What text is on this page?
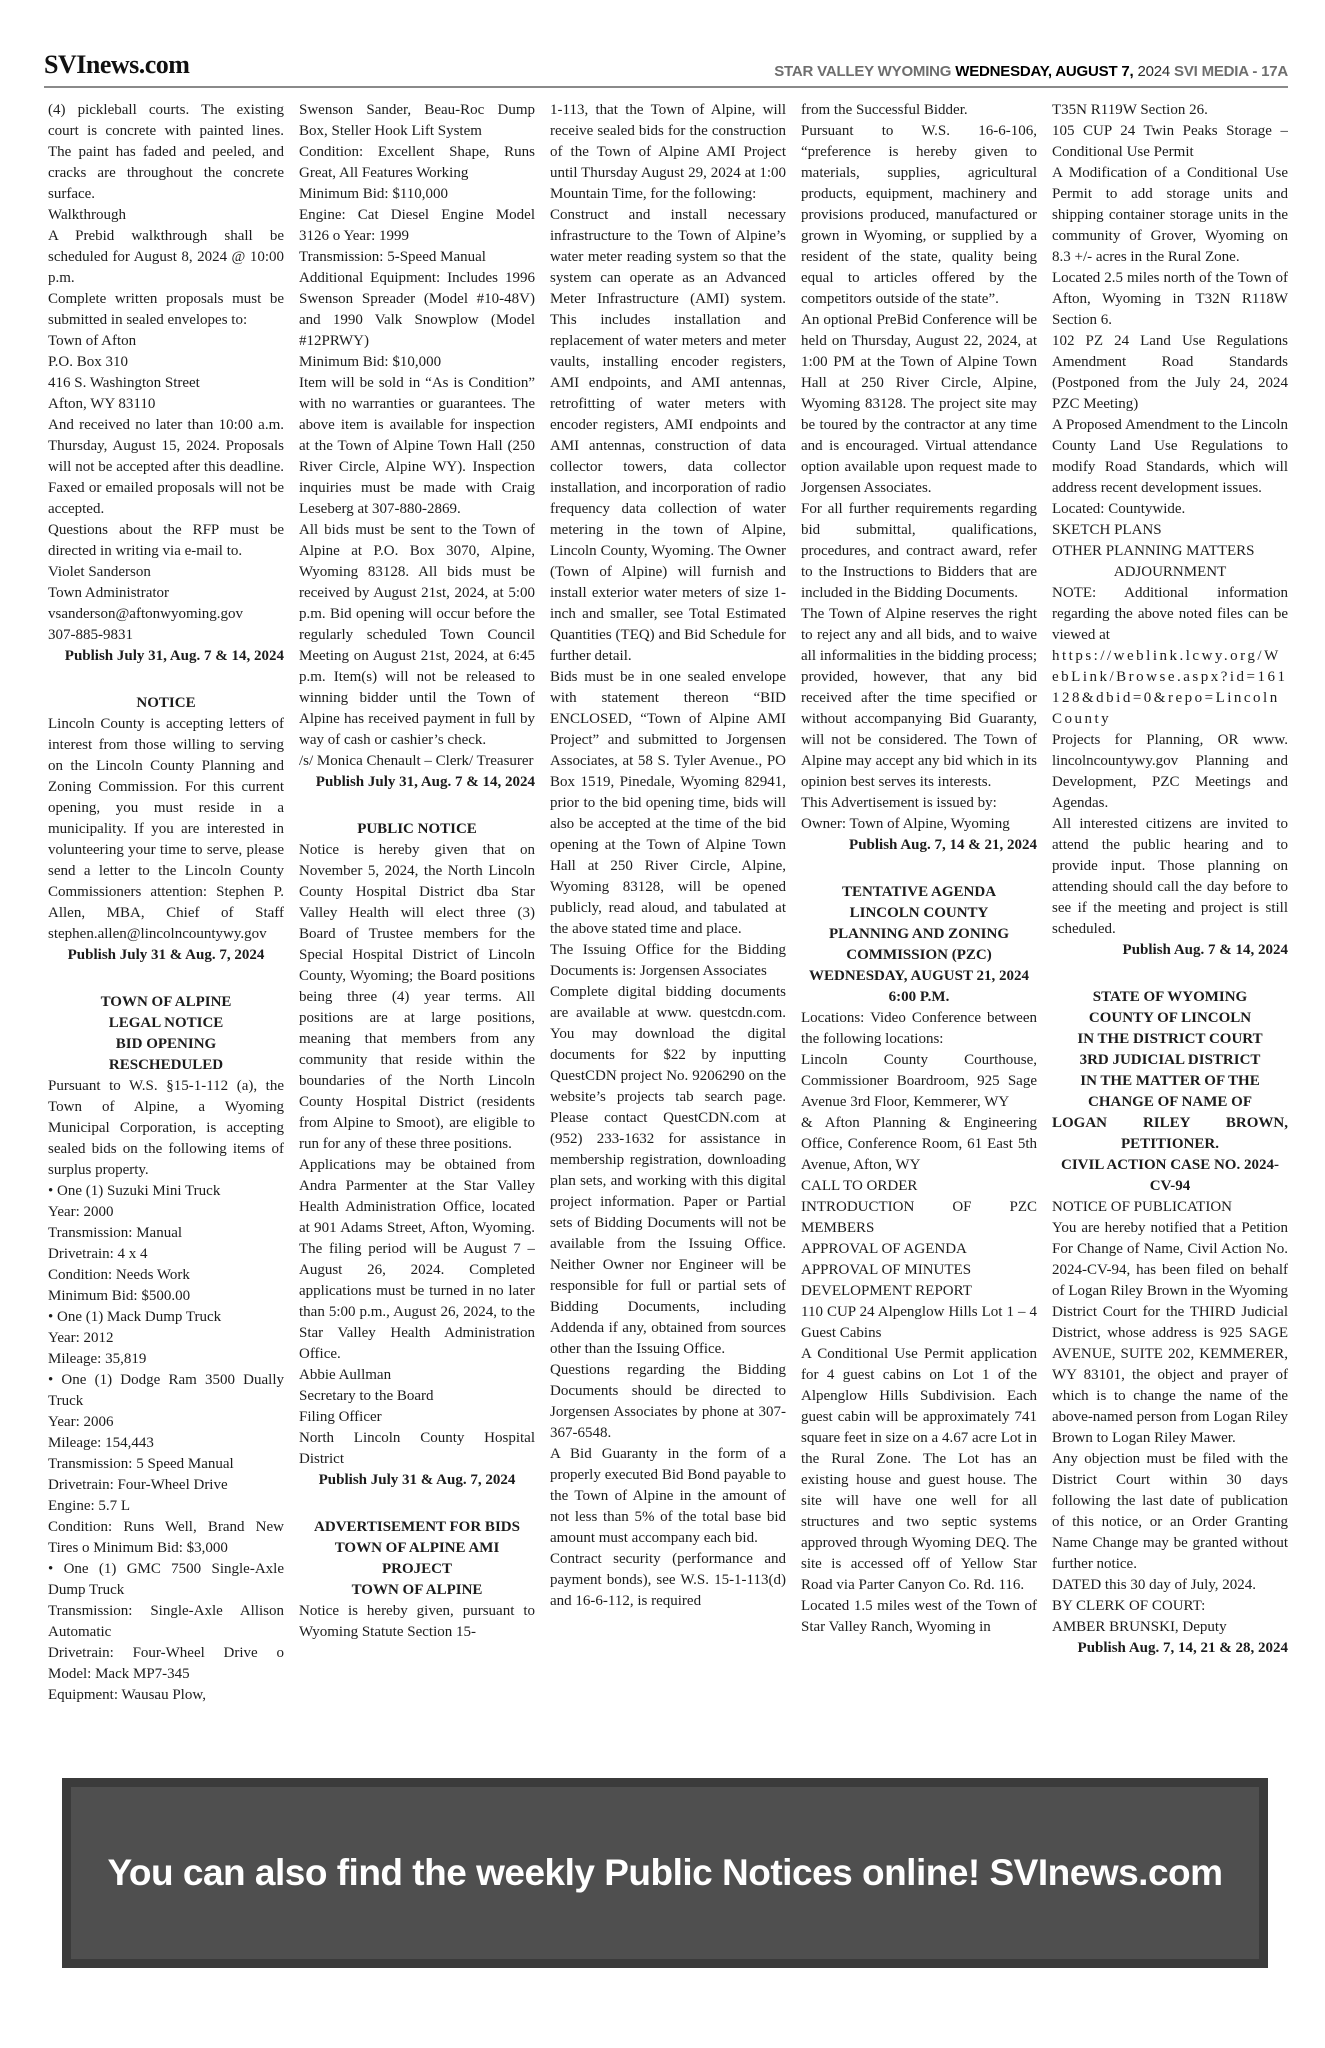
SVInews.com	STAR VALLEY WYOMING WEDNESDAY, AUGUST 7, 2024 SVI MEDIA - 17A

(4) pickleball courts. The existing court is concrete with painted lines. The paint has faded and peeled, and cracks are throughout the concrete surface.

Walkthrough

A Prebid walkthrough shall be scheduled for August 8, 2024 @ 10:00 p.m.

Complete written proposals must be submitted in sealed envelopes to:

Town of Afton

P.O. Box 310

416 S. Washington Street

Afton, WY 83110

And received no later than 10:00 a.m. Thursday, August 15, 2024. Proposals will not be accepted after this deadline. Faxed or emailed proposals will not be accepted.

Questions about the RFP must be directed in writing via e-mail to.

Violet Sanderson

Town Administrator

vsanderson@aftonwyoming.gov

307-885-9831

Publish July 31, Aug. 7 & 14, 2024

NOTICE

Lincoln County is accepting letters of interest from those willing to serving on the Lincoln County Planning and Zoning Commission. For this current opening, you must reside in a municipality. If you are interested in volunteering your time to serve, please send a letter to the Lincoln County Commissioners attention: Stephen P. Allen, MBA, Chief of Staff stephen.allen@lincolncountywy.gov

Publish July 31 & Aug. 7, 2024

TOWN OF ALPINE

LEGAL NOTICE

BID OPENING

RESCHEDULED

Pursuant to W.S. §15-1-112 (a), the Town of Alpine, a Wyoming Municipal Corporation, is accepting sealed bids on the following items of surplus property.

• One (1) Suzuki Mini Truck

Year: 2000

Transmission: Manual

Drivetrain: 4 x 4

Condition: Needs Work

Minimum Bid: $500.00

• One (1) Mack Dump Truck

Year: 2012

Mileage: 35,819

• One (1) Dodge Ram 3500 Dually Truck

Year: 2006

Mileage: 154,443

Transmission: 5 Speed Manual

Drivetrain: Four-Wheel Drive

Engine: 5.7 L

Condition: Runs Well, Brand New Tires o Minimum Bid: $3,000

• One (1) GMC 7500 Single-Axle Dump Truck

Transmission: Single-Axle Allison Automatic

Drivetrain: Four-Wheel Drive o Model: Mack MP7-345

Equipment: Wausau Plow,

Swenson Sander, Beau-Roc Dump Box, Steller Hook Lift System

Condition: Excellent Shape, Runs Great, All Features Working

Minimum Bid: $110,000

Engine: Cat Diesel Engine Model 3126 o Year: 1999

Transmission: 5-Speed Manual

Additional Equipment: Includes 1996 Swenson Spreader (Model #10-48V) and 1990 Valk Snowplow (Model #12PRWY)

Minimum Bid: $10,000

Item will be sold in “As is Condition” with no warranties or guarantees. The above item is available for inspection at the Town of Alpine Town Hall (250 River Circle, Alpine WY). Inspection inquiries must be made with Craig Leseberg at 307-880-2869.

All bids must be sent to the Town of Alpine at P.O. Box 3070, Alpine, Wyoming 83128. All bids must be received by August 21st, 2024, at 5:00 p.m. Bid opening will occur before the regularly scheduled Town Council Meeting on August 21st, 2024, at 6:45 p.m. Item(s) will not be released to winning bidder until the Town of Alpine has received payment in full by way of cash or cashier’s check.

/s/ Monica Chenault – Clerk/ Treasurer

Publish July 31, Aug. 7 & 14, 2024

PUBLIC NOTICE

Notice is hereby given that on November 5, 2024, the North Lincoln County Hospital District dba Star Valley Health will elect three (3) Board of Trustee members for the Special Hospital District of Lincoln County, Wyoming; the Board positions being three (4) year terms. All positions are at large positions, meaning that members from any community that reside within the boundaries of the North Lincoln County Hospital District (residents from Alpine to Smoot), are eligible to run for any of these three positions.

Applications may be obtained from Andra Parmenter at the Star Valley Health Administration Office, located at 901 Adams Street, Afton, Wyoming. The filing period will be August 7 – August 26, 2024. Completed applications must be turned in no later than 5:00 p.m., August 26, 2024, to the Star Valley Health Administration Office.

Abbie Aullman

Secretary to the Board

Filing Officer

North Lincoln County Hospital District

Publish July 31 & Aug. 7, 2024

ADVERTISEMENT FOR BIDS

TOWN OF ALPINE AMI PROJECT

TOWN OF ALPINE

Notice is hereby given, pursuant to Wyoming Statute Section 15-

1-113, that the Town of Alpine, will receive sealed bids for the construction of the Town of Alpine AMI Project until Thursday August 29, 2024 at 1:00 Mountain Time, for the following:

Construct and install necessary infrastructure to the Town of Alpine’s water meter reading system so that the system can operate as an Advanced Meter Infrastructure (AMI) system. This includes installation and replacement of water meters and meter vaults, installing encoder registers, AMI endpoints, and AMI antennas, retrofitting of water meters with encoder registers, AMI endpoints and AMI antennas, construction of data collector towers, data collector installation, and incorporation of radio frequency data collection of water metering in the town of Alpine, Lincoln County, Wyoming. The Owner (Town of Alpine) will furnish and install exterior water meters of size 1-inch and smaller, see Total Estimated Quantities (TEQ) and Bid Schedule for further detail.

Bids must be in one sealed envelope with statement thereon “BID ENCLOSED, “Town of Alpine AMI Project” and submitted to Jorgensen Associates, at 58 S. Tyler Avenue., PO Box 1519, Pinedale, Wyoming 82941, prior to the bid opening time, bids will also be accepted at the time of the bid opening at the Town of Alpine Town Hall at 250 River Circle, Alpine, Wyoming 83128, will be opened publicly, read aloud, and tabulated at the above stated time and place.

The Issuing Office for the Bidding Documents is: Jorgensen Associates

Complete digital bidding documents are available at www. questcdn.com. You may download the digital documents for $22 by inputting QuestCDN project No. 9206290 on the website’s projects tab search page. Please contact QuestCDN.com at (952) 233-1632 for assistance in membership registration, downloading plan sets, and working with this digital project information. Paper or Partial sets of Bidding Documents will not be available from the Issuing Office. Neither Owner nor Engineer will be responsible for full or partial sets of Bidding Documents, including Addenda if any, obtained from sources other than the Issuing Office.

Questions regarding the Bidding Documents should be directed to Jorgensen Associates by phone at 307-367-6548.

A Bid Guaranty in the form of a properly executed Bid Bond payable to the Town of Alpine in the amount of not less than 5% of the total base bid amount must accompany each bid.

Contract security (performance and payment bonds), see W.S. 15-1-113(d) and 16-6-112, is required

from the Successful Bidder.

Pursuant to W.S. 16-6-106, “preference is hereby given to materials, supplies, agricultural products, equipment, machinery and provisions produced, manufactured or grown in Wyoming, or supplied by a resident of the state, quality being equal to articles offered by the competitors outside of the state”.

An optional PreBid Conference will be held on Thursday, August 22, 2024, at 1:00 PM at the Town of Alpine Town Hall at 250 River Circle, Alpine, Wyoming 83128. The project site may be toured by the contractor at any time and is encouraged. Virtual attendance option available upon request made to Jorgensen Associates.

For all further requirements regarding bid submittal, qualifications, procedures, and contract award, refer to the Instructions to Bidders that are included in the Bidding Documents.

The Town of Alpine reserves the right to reject any and all bids, and to waive all informalities in the bidding process; provided, however, that any bid received after the time specified or without accompanying Bid Guaranty, will not be considered. The Town of Alpine may accept any bid which in its opinion best serves its interests.

This Advertisement is issued by:

Owner: Town of Alpine, Wyoming

Publish Aug. 7, 14 & 21, 2024

TENTATIVE AGENDA

LINCOLN COUNTY

PLANNING AND ZONING

COMMISSION (PZC)

WEDNESDAY, AUGUST 21, 2024

6:00 P.M.

Locations: Video Conference between the following locations:

Lincoln County Courthouse, Commissioner Boardroom, 925 Sage Avenue 3rd Floor, Kemmerer, WY

& Afton Planning & Engineering Office, Conference Room, 61 East 5th Avenue, Afton, WY

CALL TO ORDER

INTRODUCTION OF PZC MEMBERS

APPROVAL OF AGENDA

APPROVAL OF MINUTES

DEVELOPMENT REPORT

110 CUP 24 Alpenglow Hills Lot 1 – 4 Guest Cabins

A Conditional Use Permit application for 4 guest cabins on Lot 1 of the Alpenglow Hills Subdivision. Each guest cabin will be approximately 741 square feet in size on a 4.67 acre Lot in the Rural Zone. The Lot has an existing house and guest house. The site will have one well for all structures and two septic systems approved through Wyoming DEQ. The site is accessed off of Yellow Star Road via Parter Canyon Co. Rd. 116.

Located 1.5 miles west of the Town of Star Valley Ranch, Wyoming in

T35N R119W Section 26.

105 CUP 24 Twin Peaks Storage – Conditional Use Permit

A Modification of a Conditional Use Permit to add storage units and shipping container storage units in the community of Grover, Wyoming on 8.3 +/- acres in the Rural Zone.

Located 2.5 miles north of the Town of Afton, Wyoming in T32N R118W Section 6.

102 PZ 24 Land Use Regulations Amendment Road Standards (Postponed from the July 24, 2024 PZC Meeting)

A Proposed Amendment to the Lincoln County Land Use Regulations to modify Road Standards, which will address recent development issues.

Located: Countywide.

SKETCH PLANS

OTHER PLANNING MATTERS

ADJOURNMENT

NOTE: Additional information regarding the above noted files can be viewed at

https://weblink.lcwy.org/WebLink/Browse.aspx?id=161128&dbid=0&repo=LincolnCounty

Projects for Planning, OR www. lincolncountywy.gov Planning and Development, PZC Meetings and Agendas.

All interested citizens are invited to attend the public hearing and to provide input. Those planning on attending should call the day before to see if the meeting and project is still scheduled.

Publish Aug. 7 & 14, 2024

STATE OF WYOMING

COUNTY OF LINCOLN

IN THE DISTRICT COURT

3RD JUDICIAL DISTRICT

IN THE MATTER OF THE

CHANGE OF NAME OF

LOGAN RILEY BROWN,

PETITIONER.

CIVIL ACTION CASE NO. 2024-CV-94

NOTICE OF PUBLICATION

You are hereby notified that a Petition For Change of Name, Civil Action No. 2024-CV-94, has been filed on behalf of Logan Riley Brown in the Wyoming District Court for the THIRD Judicial District, whose address is 925 SAGE AVENUE, SUITE 202, KEMMERER, WY 83101, the object and prayer of which is to change the name of the above-named person from Logan Riley Brown to Logan Riley Mawer.

Any objection must be filed with the District Court within 30 days following the last date of publication of this notice, or an Order Granting Name Change may be granted without further notice.

DATED this 30 day of July, 2024.

BY CLERK OF COURT:

AMBER BRUNSKI, Deputy

Publish Aug. 7, 14, 21 & 28, 2024

You can also find the weekly Public Notices online! SVInews.com
